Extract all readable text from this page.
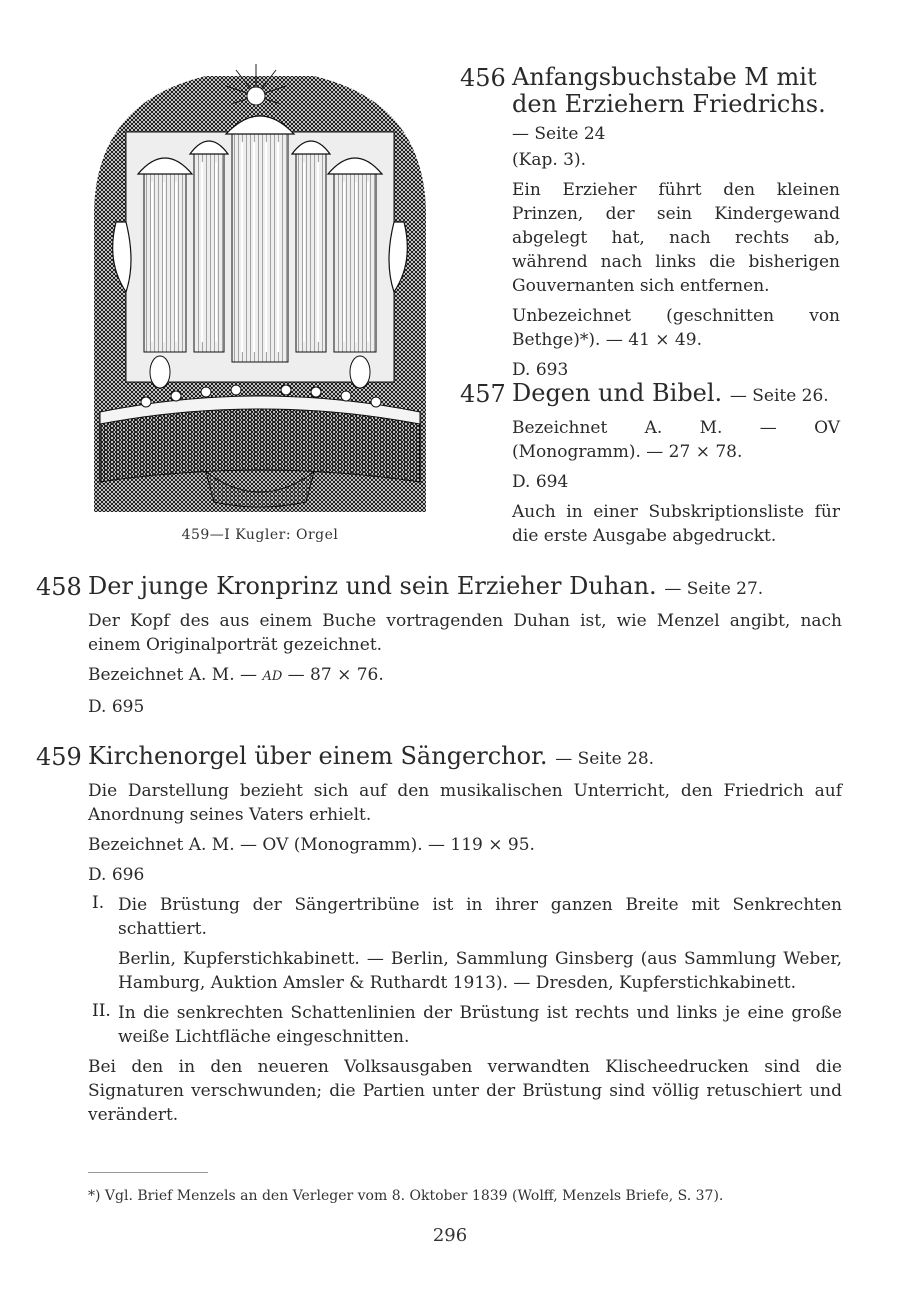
459—I Kugler: Orgel
456 Anfangsbuchstabe M mit den Erziehern Friedrichs. — Seite 24

(Kap. 3).

Ein Erzieher führt den kleinen Prinzen, der sein Kindergewand abgelegt hat, nach rechts ab, während nach links die bisherigen Gouvernanten sich entfernen.

Unbezeichnet (geschnitten von Bethge)*). — 41 × 49.

D. 693

457 Degen und Bibel. — Seite 26.

Bezeichnet A. M. — OV (Monogramm). — 27 × 78.

D. 694

Auch in einer Subskriptionsliste für die erste Ausgabe abgedruckt.

458 Der junge Kronprinz und sein Erzieher Duhan. — Seite 27.

Der Kopf des aus einem Buche vortragenden Duhan ist, wie Menzel angibt, nach einem Originalporträt gezeichnet.

Bezeichnet A. M. — AD — 87 × 76.

D. 695

459 Kirchenorgel über einem Sängerchor. — Seite 28.

Die Darstellung bezieht sich auf den musikalischen Unterricht, den Friedrich auf Anordnung seines Vaters erhielt.

Bezeichnet A. M. — OV (Monogramm). — 119 × 95.

D. 696

I. Die Brüstung der Sängertribüne ist in ihrer ganzen Breite mit Senkrechten schattiert.

Berlin, Kupferstichkabinett. — Berlin, Sammlung Ginsberg (aus Sammlung Weber, Hamburg, Auktion Amsler & Ruthardt 1913). — Dresden, Kupferstichkabinett.

II. In die senkrechten Schattenlinien der Brüstung ist rechts und links je eine große weiße Lichtfläche eingeschnitten.

Bei den in den neueren Volksausgaben verwandten Klischeedrucken sind die Signaturen verschwunden; die Partien unter der Brüstung sind völlig retuschiert und verändert.

*) Vgl. Brief Menzels an den Verleger vom 8. Oktober 1839 (Wolff, Menzels Briefe, S. 37).
296
